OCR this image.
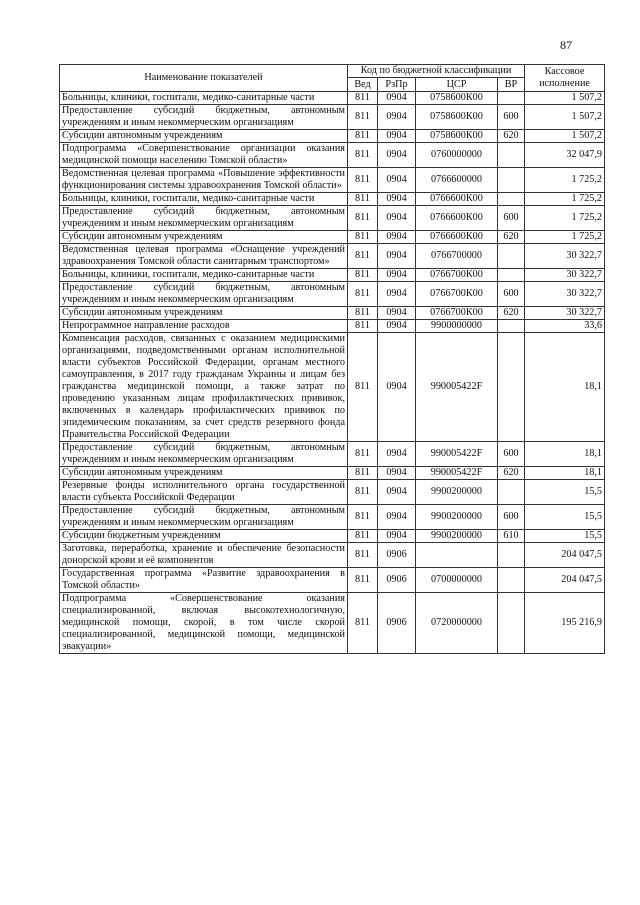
87
Наименование показателей	Код по бюджетной классификации				Кассовое исполнение
	Вед	РзПр	ЦСР	ВР	
Больницы, клиники, госпитали, медико-санитарные части	811	0904	0758600К00		1 507,2
Предоставление субсидий бюджетным, автономным учреждениям и иным некоммерческим организациям	811	0904	0758600К00	600	1 507,2
Субсидии автономным учреждениям	811	0904	0758600К00	620	1 507,2
Подпрограмма «Совершенствование организации оказания медицинской помощи населению Томской области»	811	0904	0760000000		32 047,9
Ведомственная целевая программа «Повышение эффективности функционирования системы здравоохранения Томской области»	811	0904	0766600000		1 725,2
Больницы, клиники, госпитали, медико-санитарные части	811	0904	0766600К00		1 725,2
Предоставление субсидий бюджетным, автономным учреждениям и иным некоммерческим организациям	811	0904	0766600К00	600	1 725,2
Субсидии автономным учреждениям	811	0904	0766600К00	620	1 725,2
Ведомственная целевая программа «Оснащение учреждений здравоохранения Томской области санитарным транспортом»	811	0904	0766700000		30 322,7
Больницы, клиники, госпитали, медико-санитарные части	811	0904	0766700К00		30 322,7
Предоставление субсидий бюджетным, автономным учреждениям и иным некоммерческим организациям	811	0904	0766700К00	600	30 322,7
Субсидии автономным учреждениям	811	0904	0766700К00	620	30 322,7
Непрограммное направление расходов	811	0904	9900000000		33,6
Компенсация расходов, связанных с оказанием медицинскими организациями, подведомственными органам исполнительной власти субъектов Российской Федерации, органам местного самоуправления, в 2017 году гражданам Украины и лицам без гражданства медицинской помощи, а также затрат по проведению указанным лицам профилактических прививок, включенных в календарь профилактических прививок по эпидемическим показаниям, за счет средств резервного фонда Правительства Российской Федерации	811	0904	990005422F		18,1
Предоставление субсидий бюджетным, автономным учреждениям и иным некоммерческим организациям	811	0904	990005422F	600	18,1
Субсидии автономным учреждениям	811	0904	990005422F	620	18,1
Резервные фонды исполнительного органа государственной власти субъекта Российской Федерации	811	0904	9900200000		15,5
Предоставление субсидий бюджетным, автономным учреждениям и иным некоммерческим организациям	811	0904	9900200000	600	15,5
Субсидии бюджетным учреждениям	811	0904	9900200000	610	15,5
Заготовка, переработка, хранение и обеспечение безопасности донорской крови и её компонентов	811	0906			204 047,5
Государственная программа «Развитие здравоохранения в Томской области»	811	0906	0700000000		204 047,5
Подпрограмма «Совершенствование оказания специализированной, включая высокотехнологичную, медицинской помощи, скорой, в том числе скорой специализированной, медицинской помощи, медицинской эвакуации»	811	0906	0720000000		195 216,9
